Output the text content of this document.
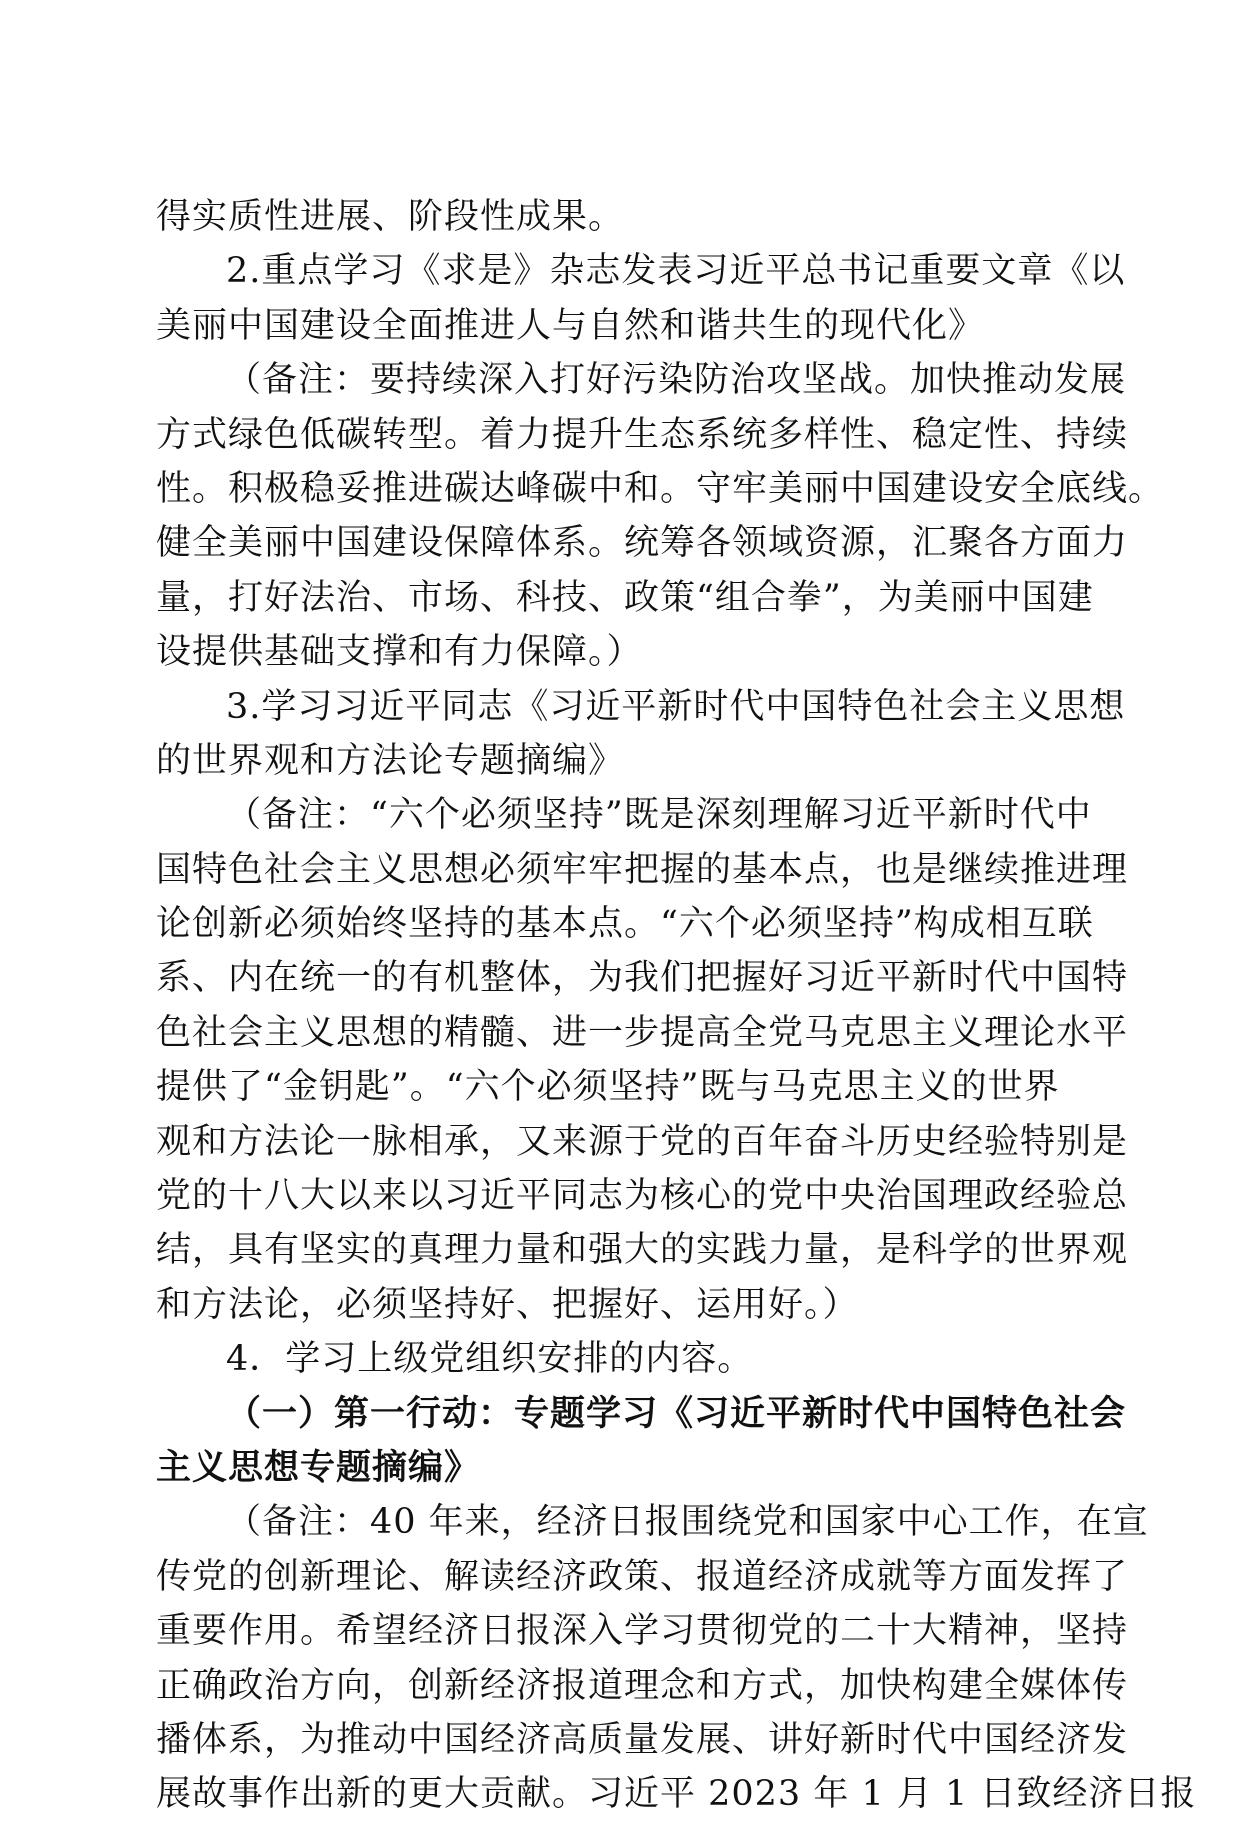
得实质性进展、阶段性成果。
2.重点学习《求是》杂志发表习近平总书记重要文章《以
美丽中国建设全面推进人与自然和谐共生的现代化》
（备注：要持续深入打好污染防治攻坚战。加快推动发展
方式绿色低碳转型。着力提升生态系统多样性、稳定性、持续
性。积极稳妥推进碳达峰碳中和。守牢美丽中国建设安全底线。
健全美丽中国建设保障体系。统筹各领域资源，汇聚各方面力
量，打好法治、市场、科技、政策“组合拳”，为美丽中国建
设提供基础支撑和有力保障。）
3.学习习近平同志《习近平新时代中国特色社会主义思想
的世界观和方法论专题摘编》
（备注：“六个必须坚持”既是深刻理解习近平新时代中
国特色社会主义思想必须牢牢把握的基本点，也是继续推进理
论创新必须始终坚持的基本点。“六个必须坚持”构成相互联
系、内在统一的有机整体，为我们把握好习近平新时代中国特
色社会主义思想的精髓、进一步提高全党马克思主义理论水平
提供了“金钥匙”。“六个必须坚持”既与马克思主义的世界
观和方法论一脉相承，又来源于党的百年奋斗历史经验特别是
党的十八大以来以习近平同志为核心的党中央治国理政经验总
结，具有坚实的真理力量和强大的实践力量，是科学的世界观
和方法论，必须坚持好、把握好、运用好。）
4．学习上级党组织安排的内容。
（一）第一行动：专题学习《习近平新时代中国特色社会
主义思想专题摘编》
（备注：40 年来，经济日报围绕党和国家中心工作，在宣
传党的创新理论、解读经济政策、报道经济成就等方面发挥了
重要作用。希望经济日报深入学习贯彻党的二十大精神，坚持
正确政治方向，创新经济报道理念和方式，加快构建全媒体传
播体系，为推动中国经济高质量发展、讲好新时代中国经济发
展故事作出新的更大贡献。习近平 2023 年 1 月 1 日致经济日报
